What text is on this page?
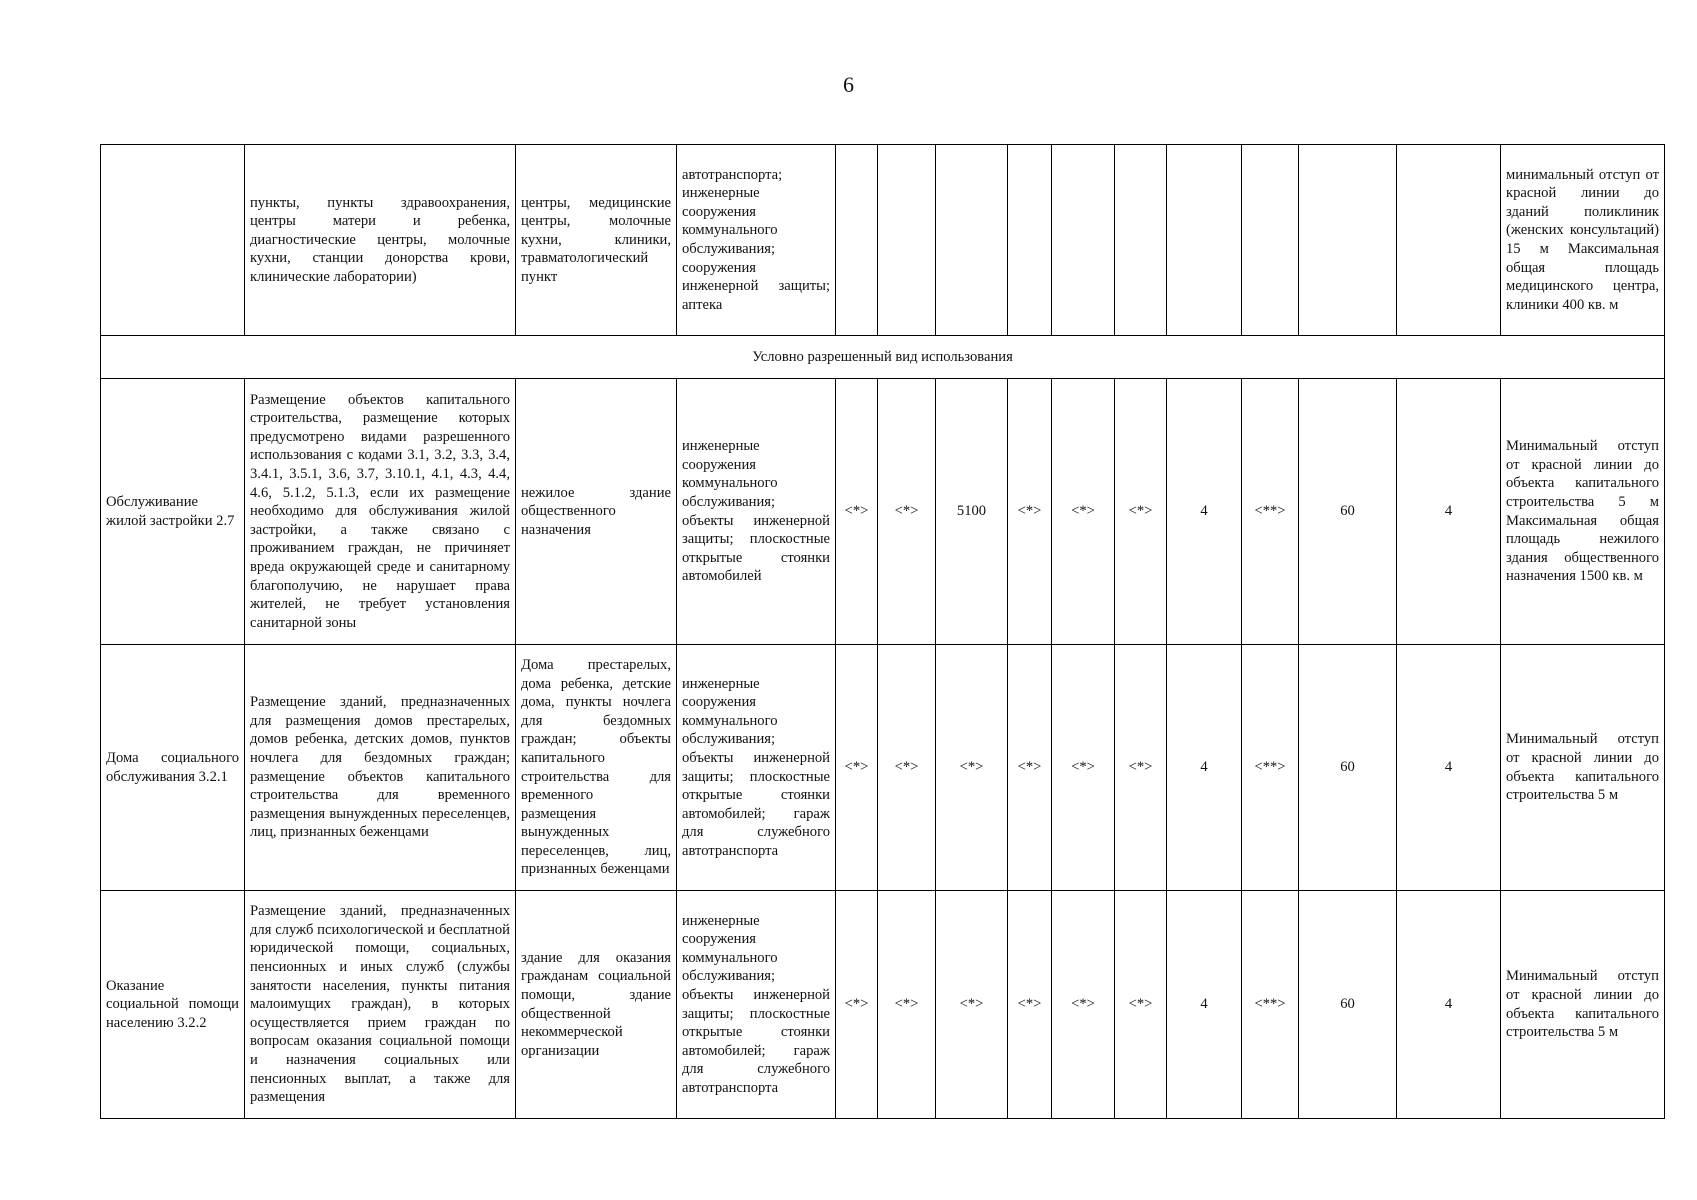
6
	пункты, пункты здравоохранения, центры матери и ребенка, диагностические центры, молочные кухни, станции донорства крови, клинические лаборатории)	центры, медицинские центры, молочные кухни, клиники, травматологический пункт	автотранспорта; инженерные сооружения коммунального обслуживания; сооружения инженерной защиты; аптека											минимальный отступ от красной линии до зданий поликлиник (женских консультаций) 15 м Максимальная общая площадь медицинского центра, клиники 400 кв. м
Условно разрешенный вид использования														
Обслуживание жилой застройки 2.7	Размещение объектов капитального строительства, размещение которых предусмотрено видами разрешенного использования с кодами 3.1, 3.2, 3.3, 3.4, 3.4.1, 3.5.1, 3.6, 3.7, 3.10.1, 4.1, 4.3, 4.4, 4.6, 5.1.2, 5.1.3, если их размещение необходимо для обслуживания жилой застройки, а также связано с проживанием граждан, не причиняет вреда окружающей среде и санитарному благополучию, не нарушает права жителей, не требует установления санитарной зоны	нежилое здание общественного назначения	инженерные сооружения коммунального обслуживания; объекты инженерной защиты; плоскостные открытые стоянки автомобилей	<*>	<*>	5100	<*>	<*>	<*>	4	<**>	60	4	Минимальный отступ от красной линии до объекта капитального строительства 5 м Максимальная общая площадь нежилого здания общественного назначения 1500 кв. м
Дома социального обслуживания 3.2.1	Размещение зданий, предназначенных для размещения домов престарелых, домов ребенка, детских домов, пунктов ночлега для бездомных граждан; размещение объектов капитального строительства для временного размещения вынужденных переселенцев, лиц, признанных беженцами	Дома престарелых, дома ребенка, детские дома, пункты ночлега для бездомных граждан; объекты капитального строительства для временного размещения вынужденных переселенцев, лиц, признанных беженцами	инженерные сооружения коммунального обслуживания; объекты инженерной защиты; плоскостные открытые стоянки автомобилей; гараж для служебного автотранспорта	<*>	<*>	<*>	<*>	<*>	<*>	4	<**>	60	4	Минимальный отступ от красной линии до объекта капитального строительства 5 м
Оказание социальной помощи населению 3.2.2	Размещение зданий, предназначенных для служб психологической и бесплатной юридической помощи, социальных, пенсионных и иных служб (службы занятости населения, пункты питания малоимущих граждан), в которых осуществляется прием граждан по вопросам оказания социальной помощи и назначения социальных или пенсионных выплат, а также для размещения	здание для оказания гражданам социальной помощи, здание общественной некоммерческой организации	инженерные сооружения коммунального обслуживания; объекты инженерной защиты; плоскостные открытые стоянки автомобилей; гараж для служебного автотранспорта	<*>	<*>	<*>	<*>	<*>	<*>	4	<**>	60	4	Минимальный отступ от красной линии до объекта капитального строительства 5 м
